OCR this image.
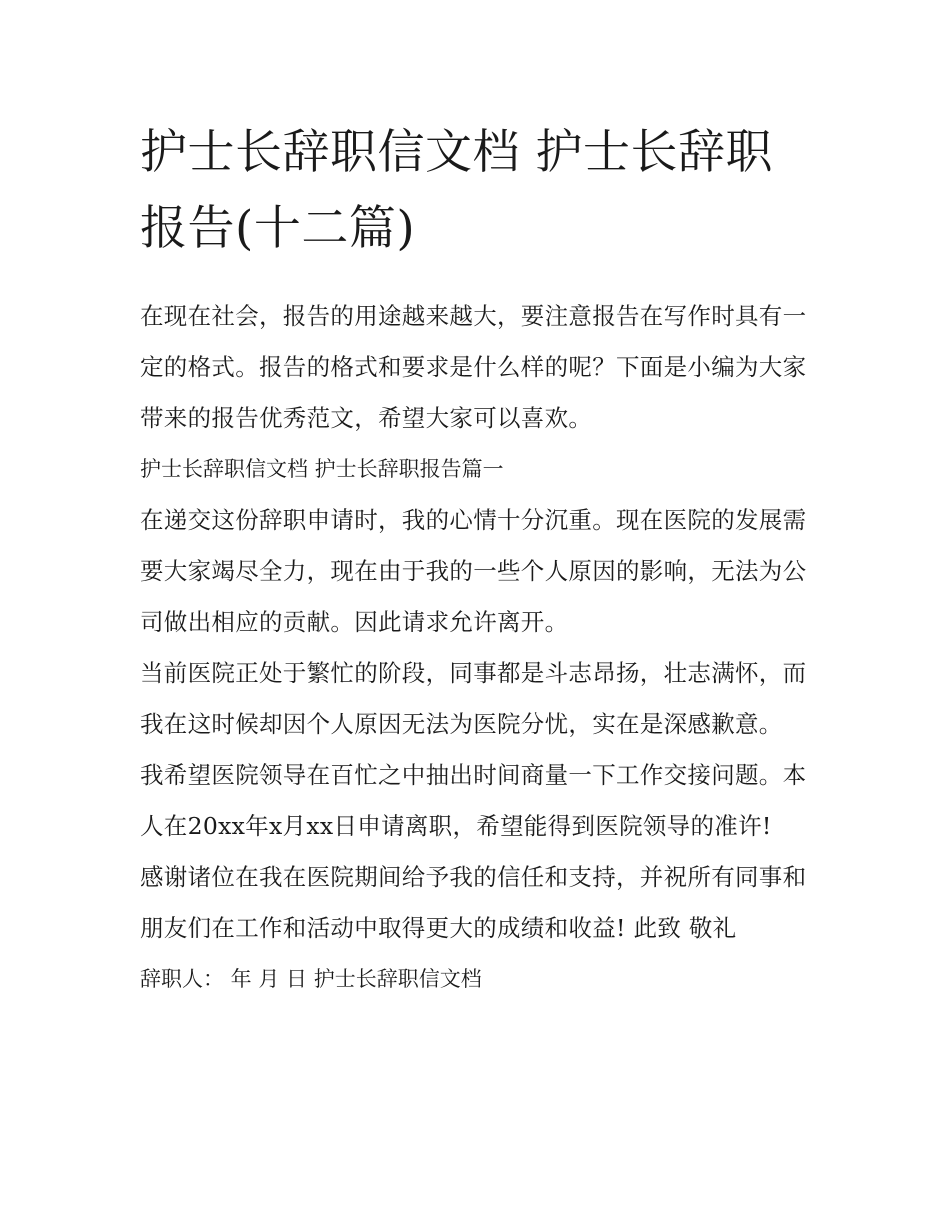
护士长辞职信文档 护士长辞职报告(十二篇)

在现在社会，报告的用途越来越大，要注意报告在写作时具有一定的格式。报告的格式和要求是什么样的呢？下面是小编为大家带来的报告优秀范文，希望大家可以喜欢。

护士长辞职信文档 护士长辞职报告篇一

在递交这份辞职申请时，我的心情十分沉重。现在医院的发展需要大家竭尽全力，现在由于我的一些个人原因的影响，无法为公司做出相应的贡献。因此请求允许离开。

当前医院正处于繁忙的阶段，同事都是斗志昂扬，壮志满怀，而我在这时候却因个人原因无法为医院分忧，实在是深感歉意。

我希望医院领导在百忙之中抽出时间商量一下工作交接问题。本人在20xx年x月xx日申请离职，希望能得到医院领导的准许!

感谢诸位在我在医院期间给予我的信任和支持，并祝所有同事和朋友们在工作和活动中取得更大的成绩和收益! 此致 敬礼

辞职人： 年 月 日 护士长辞职信文档
